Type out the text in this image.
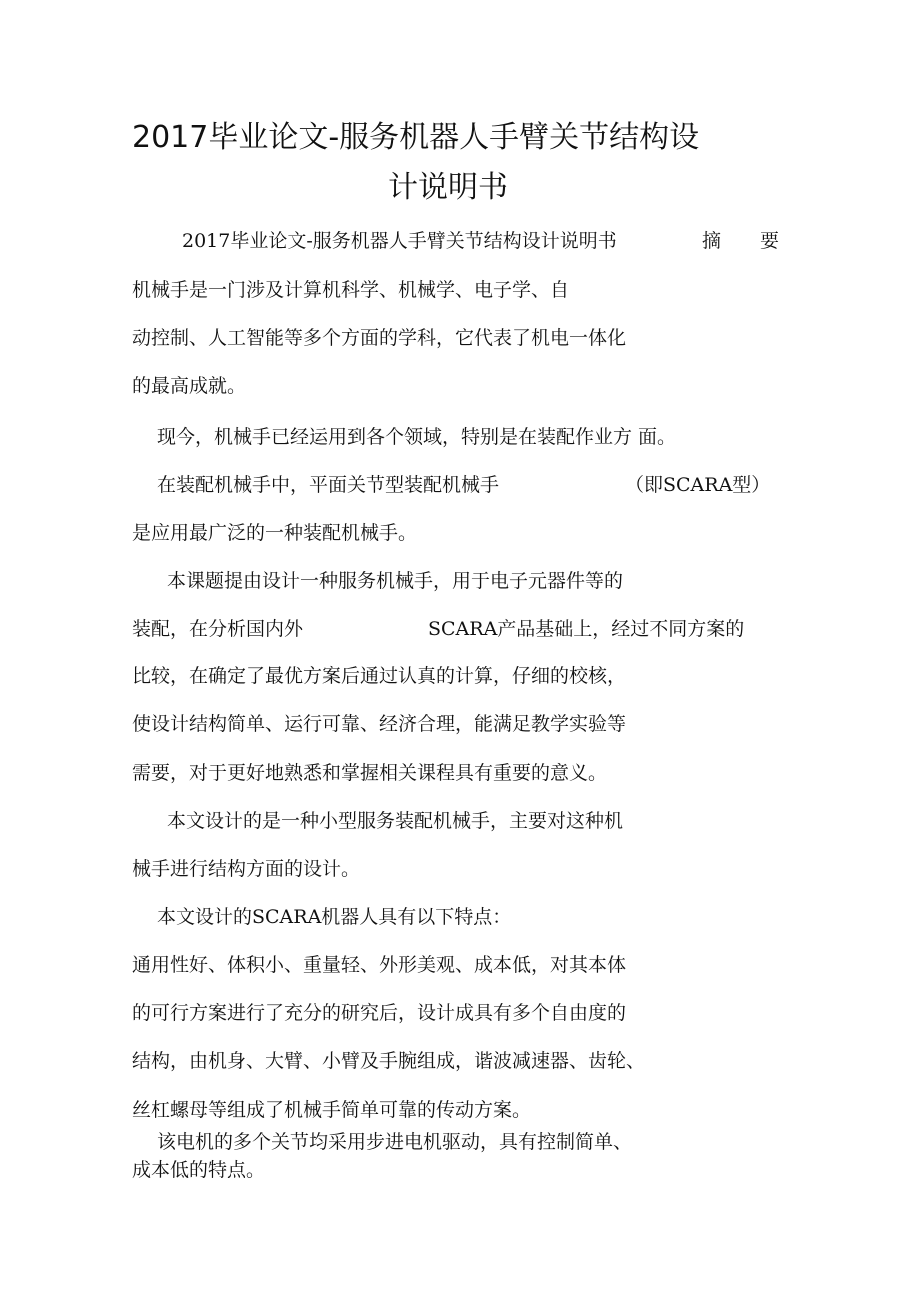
2017毕业论文-服务机器人手臂关节结构设
计说明书
2017毕业论文-服务机器人手臂关节结构设计说明书	摘 要
机械手是一门涉及计算机科学、机械学、电子学、自
动控制、人工智能等多个方面的学科，它代表了机电一体化
的最高成就。
现今，机械手已经运用到各个领域，特别是在装配作业方 面。
在装配机械手中，平面关节型装配机械手	（即SCARA型）
是应用最广泛的一种装配机械手。
本课题提由设计一种服务机械手，用于电子元器件等的
装配，在分析国内外	SCARA产品基础上，经过不同方案的
比较，在确定了最优方案后通过认真的计算，仔细的校核，
使设计结构简单、运行可靠、经济合理，能满足教学实验等
需要，对于更好地熟悉和掌握相关课程具有重要的意义。
本文设计的是一种小型服务装配机械手，主要对这种机
械手进行结构方面的设计。
本文设计的SCARA机器人具有以下特点：
通用性好、体积小、重量轻、外形美观、成本低，对其本体
的可行方案进行了充分的研究后，设计成具有多个自由度的
结构，由机身、大臂、小臂及手腕组成，谐波减速器、齿轮、
丝杠螺母等组成了机械手简单可靠的传动方案。
该电机的多个关节均采用步进电机驱动，具有控制简单、
成本低的特点。
